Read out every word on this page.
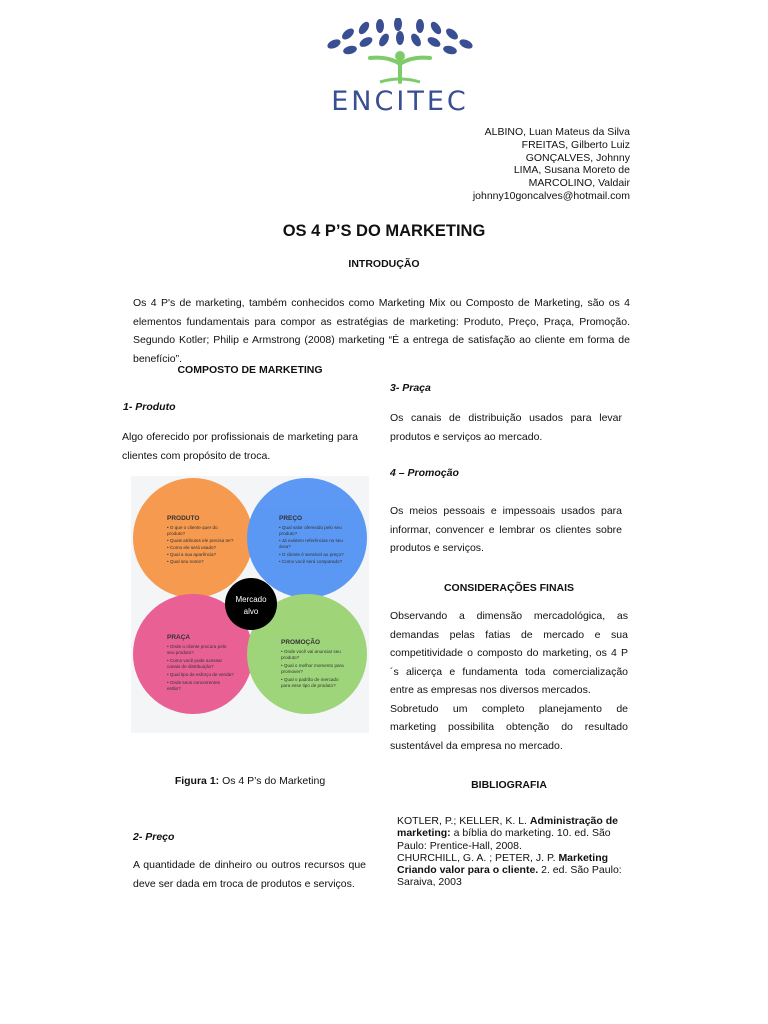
ENCITEC
ALBINO, Luan Mateus da Silva
FREITAS, Gilberto Luiz
GONÇALVES, Johnny
LIMA, Susana Moreto de
MARCOLINO, Valdair
johnny10goncalves@hotmail.com
OS 4 P’S DO MARKETING
INTRODUÇÃO
Os 4 P's de marketing, também conhecidos como Marketing Mix ou Composto de Marketing, são os 4 elementos fundamentais para compor as estratégias de marketing: Produto, Preço, Praça, Promoção. Segundo Kotler; Philip e Armstrong (2008) marketing “É a entrega de satisfação ao cliente em forma de benefício”.
COMPOSTO DE MARKETING
1- Produto
Algo oferecido por profissionais de marketing para clientes com propósito de troca.
Mercado
alvo
PRODUTO
• O que o cliente quer do
produto?
• Quais atributos ele precisa ter?
• Como ele será usado?
• Qual a sua aparência?
• Qual seu nome?
PREÇO
• Qual valor oferecido pelo seu
produto?
• Já existem referências no seu
área?
• O cliente é sensível ao preço?
• Como você será comparado?
PRAÇA
• Onde o cliente procura pelo
seu produto?
• Como você pode acessar
canais de distribuição?
• Qual tipo de esforço de venda?
• Onde seus concorrentes
estão?
PROMOÇÃO
• Onde você vai anunciar seu
produto?
• Qual o melhor momento para
promover?
• Qual o padrão de mercado
para esse tipo de produto?
Figura 1: Os 4 P’s do Marketing
2- Preço
A quantidade de dinheiro ou outros recursos que deve ser dada em troca de produtos e serviços.
3- Praça
Os canais de distribuição usados para levar produtos e serviços ao mercado.
4 – Promoção
Os meios pessoais e impessoais usados para informar, convencer e lembrar os clientes sobre produtos e serviços.
CONSIDERAÇÕES FINAIS
Observando a dimensão mercadológica, as demandas pelas fatias de mercado e sua competitividade o composto do marketing, os 4 P´s alicerça e fundamenta toda comercialização entre as empresas nos diversos mercados.
Sobretudo um completo planejamento de marketing possibilita obtenção do resultado sustentável da empresa no mercado.
BIBLIOGRAFIA
KOTLER, P.; KELLER, K. L. Administração de marketing: a bíblia do marketing. 10. ed. São Paulo: Prentice-Hall, 2008.
CHURCHILL, G. A. ; PETER, J. P. Marketing Criando valor para o cliente. 2. ed. São Paulo: Saraiva, 2003
